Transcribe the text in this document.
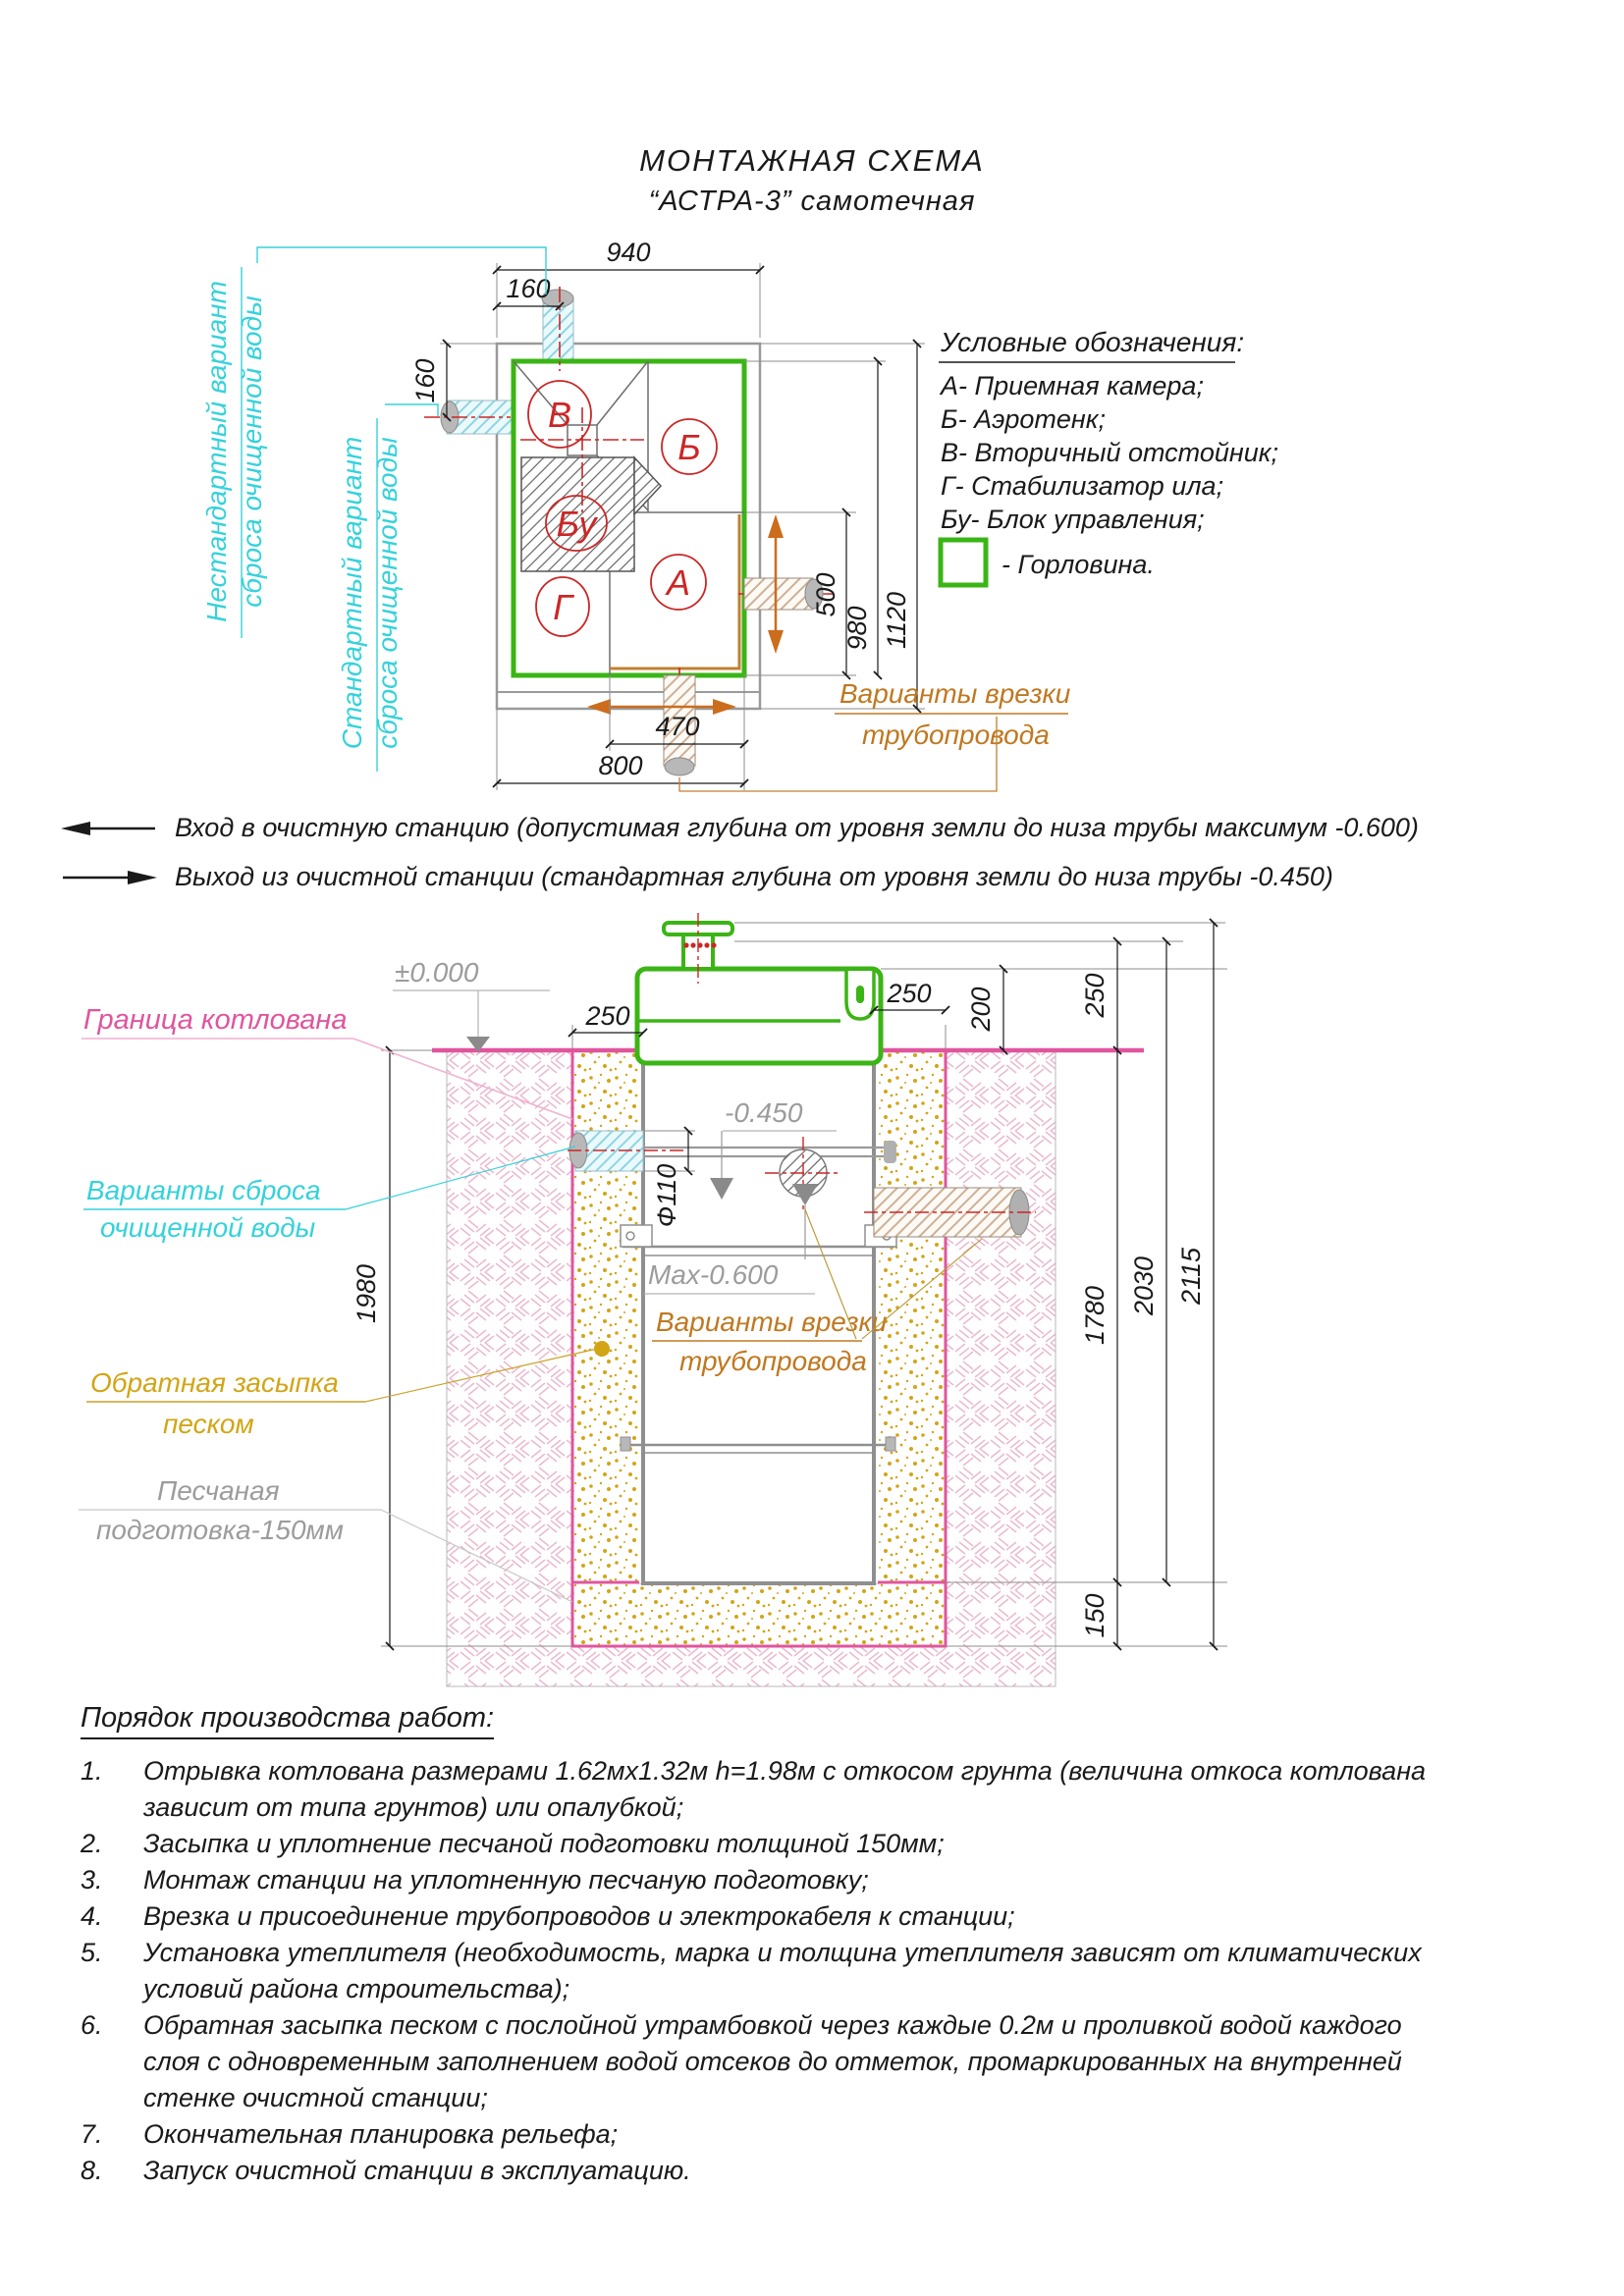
МОНТАЖНАЯ СХЕМА
“АСТРА-3” самотечная
В
Б
Бу
Г
А
940
160
160
500
980 1120
470
800
Варианты врезки
трубопровода
Нестандартный вариант сброса очищенной воды	Стандартный вариант сброса очищенной воды
Условные обозначения:
А- Приемная камера;
Б- Аэротенк;
В- Вторичный отстойник;
Г- Стабилизатор ила;
Бу- Блок управления;
- Горловина.
250
250 200	250
1780
150
2030 2115
1980
Ф110
±0.000
-0.450
Max-0.600
Граница котлована
Варианты сброса
очищенной воды
Обратная засыпка
песком
Песчаная
подготовка-150мм
Варианты врезки
трубопровода
Вход в очистную станцию (допустимая глубина от уровня земли до низа трубы максимум -0.600)
Выход из очистной станции (стандартная глубина от уровня земли до низа трубы -0.450)
Порядок производства работ:
1.	Отрывка котлована размерами 1.62мх1.32м h=1.98м с откосом грунта (величина откоса котлована
зависит от типа грунтов) или опалубкой;
2.	Засыпка и уплотнение песчаной подготовки толщиной 150мм;
3.	Монтаж станции на уплотненную песчаную подготовку;
4.	Врезка и присоединение трубопроводов и электрокабеля к станции;
5.	Установка утеплителя (необходимость, марка и толщина утеплителя зависят от климатических
условий района строительства);
6.	Обратная засыпка песком с послойной утрамбовкой через каждые 0.2м и проливкой водой каждого
слоя с одновременным заполнением водой отсеков до отметок, промаркированных на внутренней
стенке очистной станции;
7.	Окончательная планировка рельефа;
8.	Запуск очистной станции в эксплуатацию.
